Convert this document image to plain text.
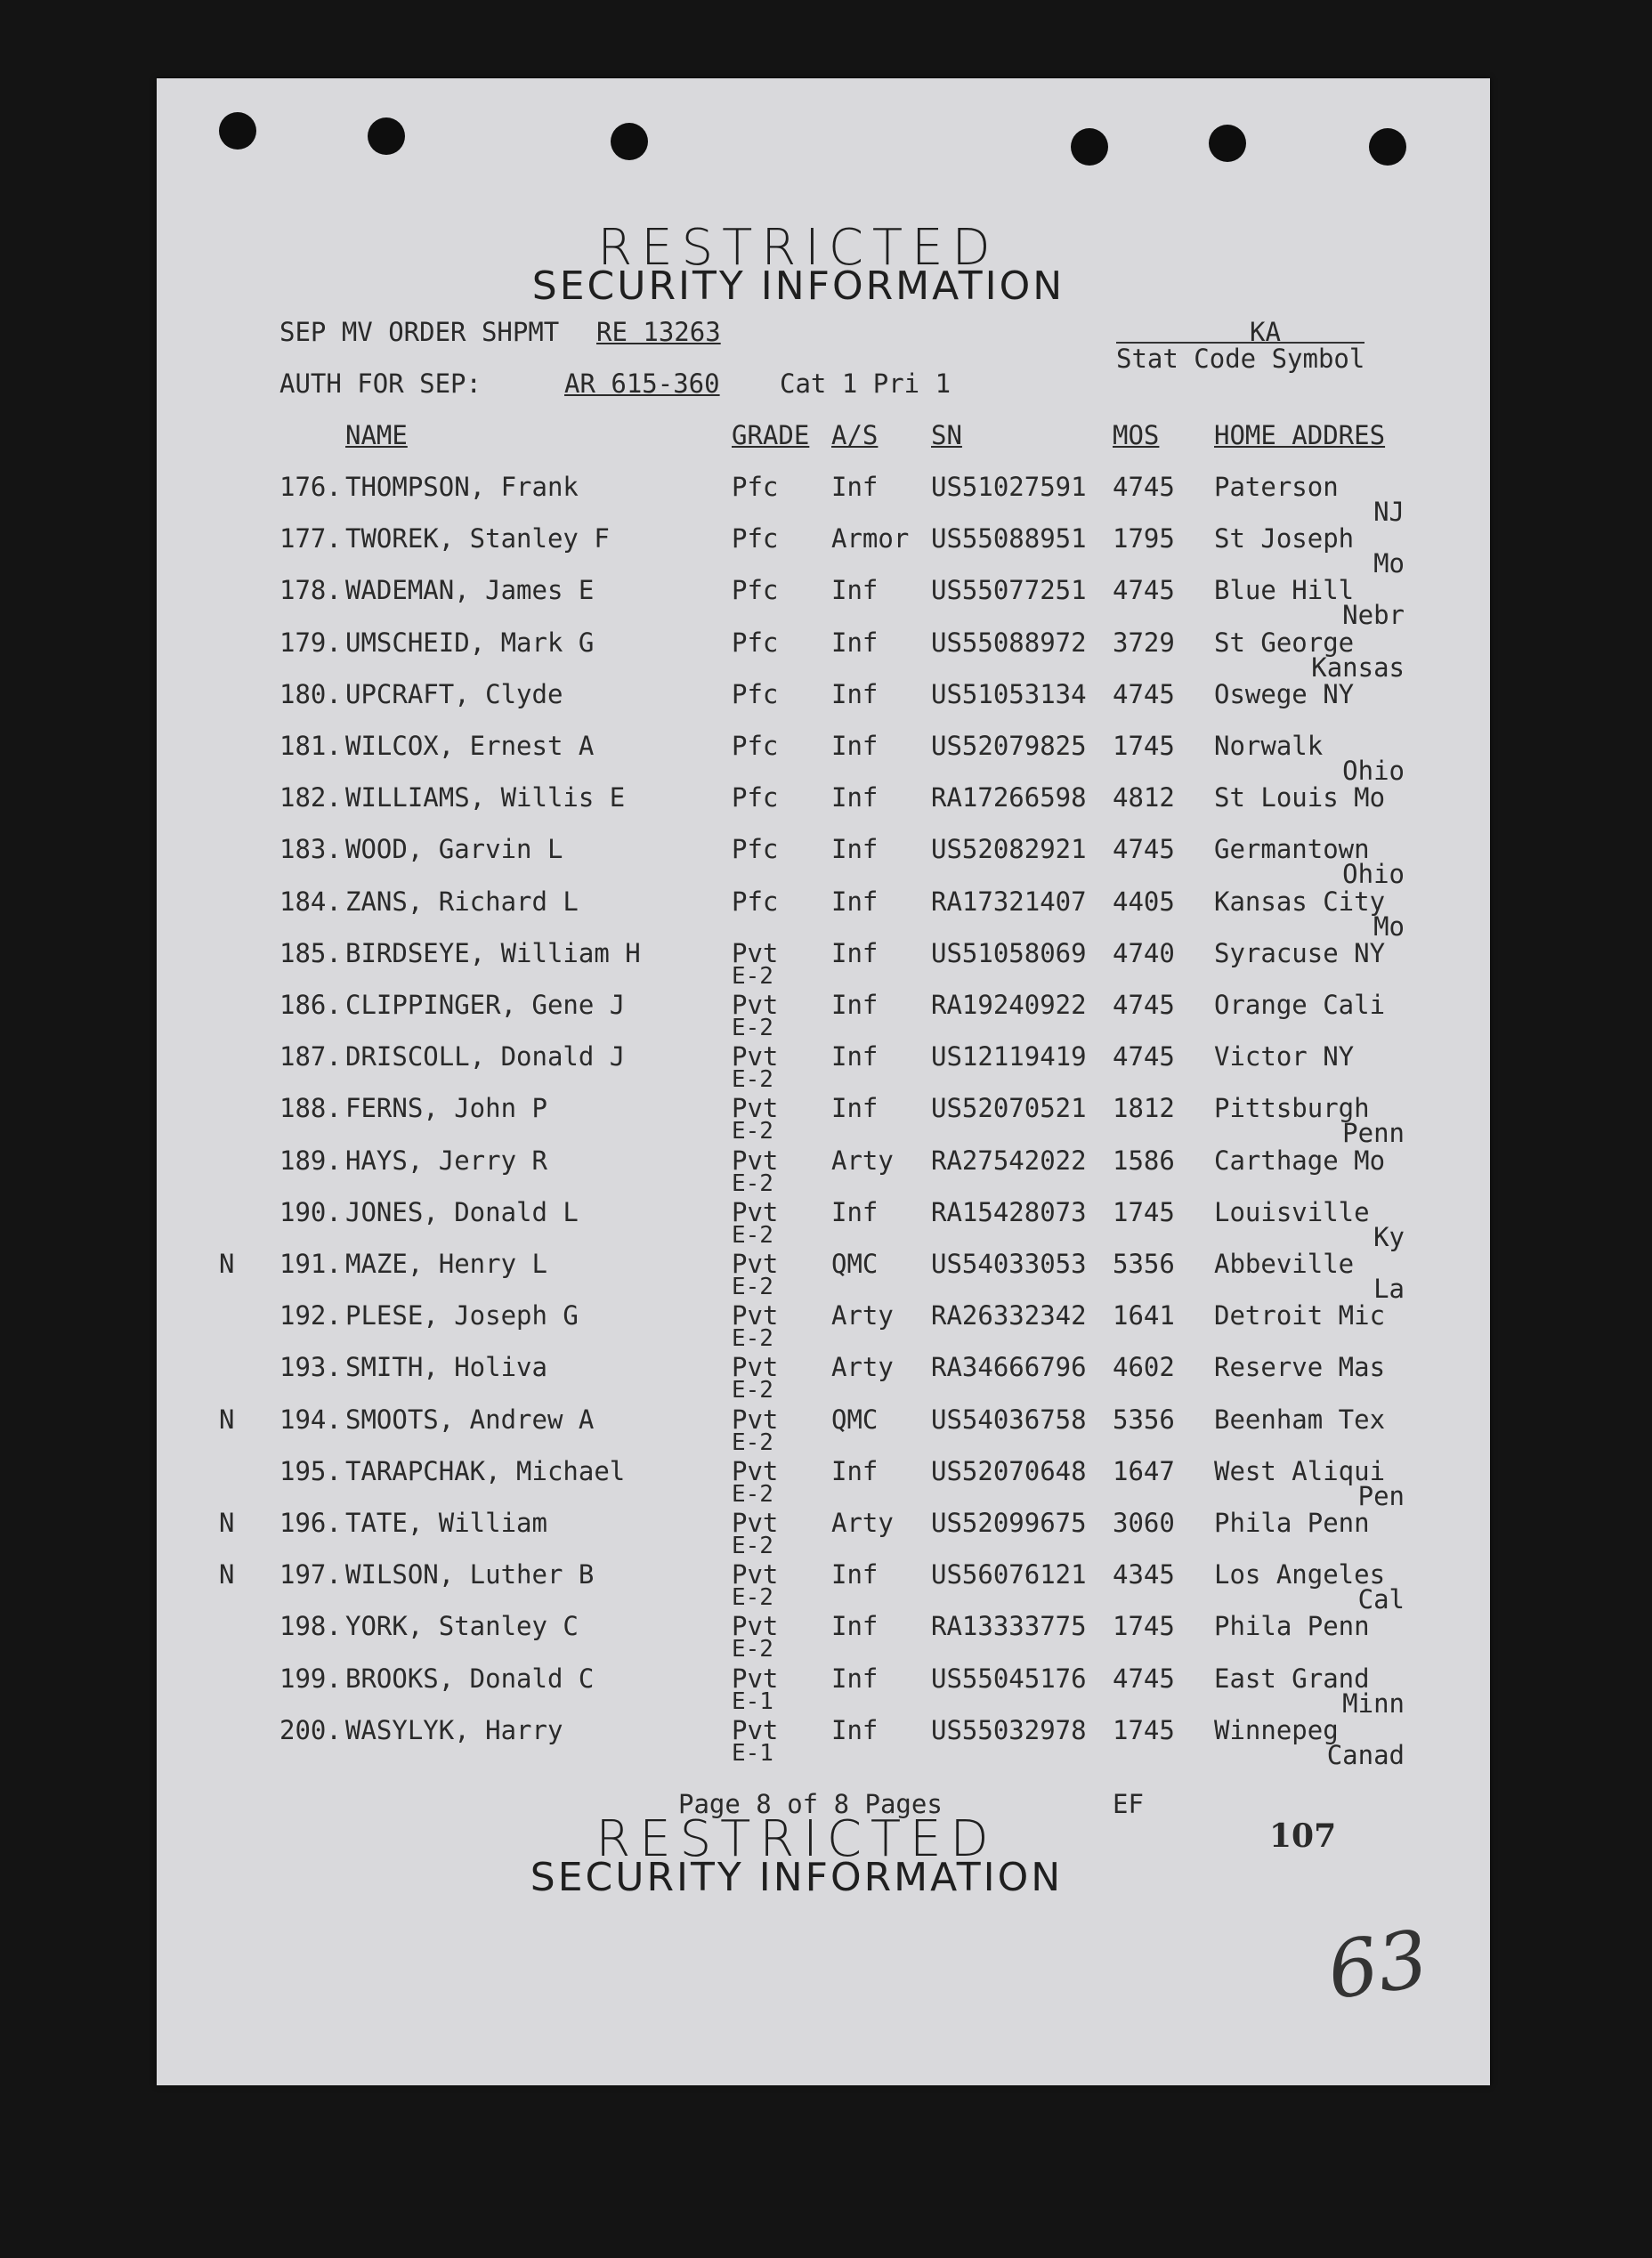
RESTRICTED
SECURITY INFORMATION
SEP MV ORDER SHPMT RE 13263	KA
Stat Code Symbol
AUTH FOR SEP:	AR 615-360 Cat 1 Pri 1
NAME	GRADE A/S SN	MOS HOME ADDRES
176. THOMPSON, Frank	Pfc Inf US51027591 4745 Paterson
NJ
177. TWOREK, Stanley F	Pfc Armor US55088951 1795 St Joseph
Mo
178. WADEMAN, James E	Pfc Inf US55077251 4745 Blue Hill
Nebr
179. UMSCHEID, Mark G	Pfc Inf US55088972 3729 St George
Kansas
180. UPCRAFT, Clyde	Pfc Inf US51053134 4745 Oswege NY
181. WILCOX, Ernest A	Pfc Inf US52079825 1745 Norwalk
Ohio
182. WILLIAMS, Willis E	Pfc Inf RA17266598 4812 St Louis Mo
183. WOOD, Garvin L	Pfc Inf US52082921 4745 Germantown
Ohio
184. ZANS, Richard L	Pfc Inf RA17321407 4405 Kansas City
Mo
185. BIRDSEYE, William H	Pvt Inf US51058069 4740 Syracuse NY
E-2
186. CLIPPINGER, Gene J	Pvt Inf RA19240922 4745 Orange Cali
E-2
187. DRISCOLL, Donald J	Pvt Inf US12119419 4745 Victor NY
E-2
188. FERNS, John P	Pvt Inf US52070521 1812 Pittsburgh
E-2	Penn
189. HAYS, Jerry R	Pvt Arty RA27542022 1586 Carthage Mo
E-2
190. JONES, Donald L	Pvt Inf RA15428073 1745 Louisville
E-2	Ky
N 191. MAZE, Henry L	Pvt QMC US54033053 5356 Abbeville
E-2	La
192. PLESE, Joseph G	Pvt Arty RA26332342 1641 Detroit Mic
E-2
193. SMITH, Holiva	Pvt Arty RA34666796 4602 Reserve Mas
E-2
N 194. SMOOTS, Andrew A	Pvt QMC US54036758 5356 Beenham Tex
E-2
195. TARAPCHAK, Michael	Pvt Inf US52070648 1647 West Aliqui
E-2	Pen
N 196. TATE, William	Pvt Arty US52099675 3060 Phila Penn
E-2
N 197. WILSON, Luther B	Pvt Inf US56076121 4345 Los Angeles
E-2	Cal
198. YORK, Stanley C	Pvt Inf RA13333775 1745 Phila Penn
E-2
199. BROOKS, Donald C	Pvt Inf US55045176 4745 East Grand
E-1	Minn
200. WASYLYK, Harry	Pvt Inf US55032978 1745 Winnepeg
E-1	Canad
Page 8 of 8 Pages	EF
RESTRICTED
SECURITY INFORMATION
107
63
